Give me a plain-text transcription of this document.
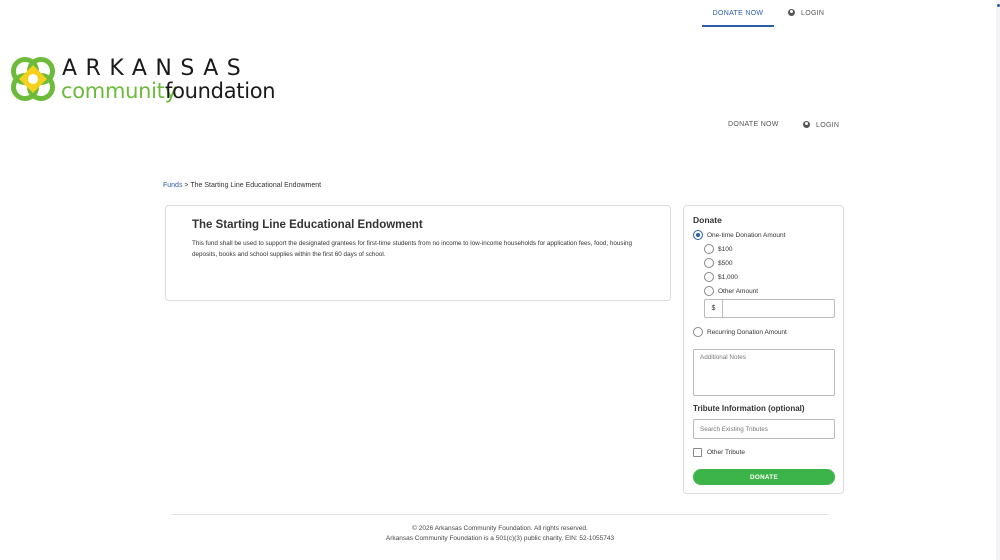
DONATE NOW	LOGIN
ARKANSAS
community
foundation
DONATE NOW	LOGIN
Funds > The Starting Line Educational Endowment
The Starting Line Educational Endowment

This fund shall be used to support the designated grantees for first-time students from no income to low-income households for application fees, food, housing deposits, books and school supplies within the first 60 days of school.

Donate
One-time Donation Amount
$100
$500
$1,000
Other Amount
$
Recurring Donation Amount
Additional Notes
Tribute Information (optional)
Search Existing Tributes
Other Tribute
DONATE
© 2026 Arkansas Community Foundation. All rights reserved.
Arkansas Community Foundation is a 501(c)(3) public charity. EIN: 52-1055743
